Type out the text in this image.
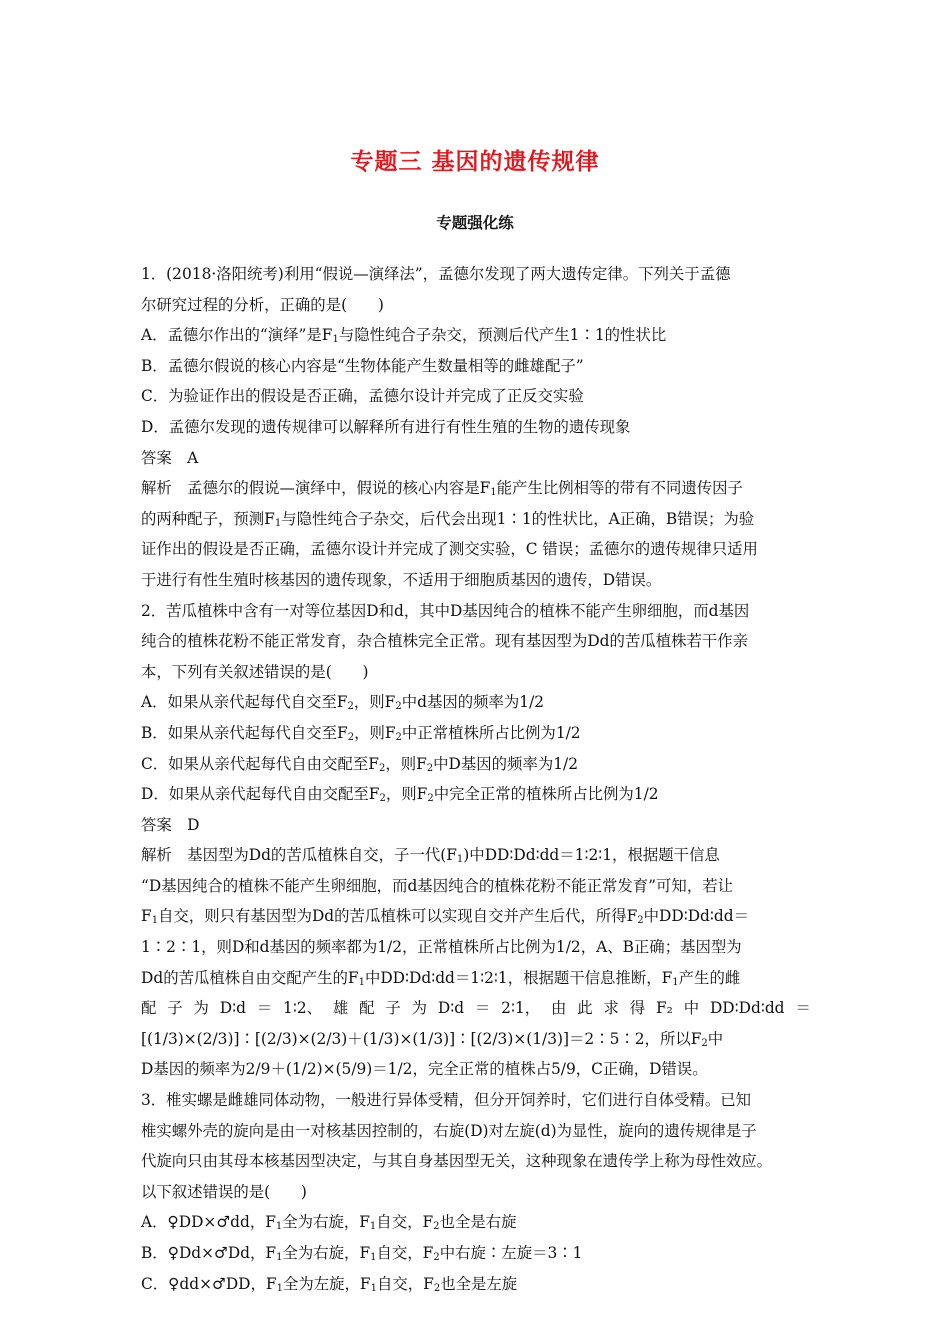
专题三 基因的遗传规律
专题强化练
1．(2018·洛阳统考)利用“假说—演绎法”，孟德尔发现了两大遗传定律。下列关于孟德
尔研究过程的分析，正确的是(　　)
A．孟德尔作出的“演绎”是$F_1$与隐性纯合子杂交，预测后代产生1∶1的性状比
B．孟德尔假说的核心内容是“生物体能产生数量相等的雌雄配子”
C．为验证作出的假设是否正确，孟德尔设计并完成了正反交实验
D．孟德尔发现的遗传规律可以解释所有进行有性生殖的生物的遗传现象
答案　A
解析　孟德尔的假说—演绎中，假说的核心内容是$F_1$能产生比例相等的带有不同遗传因子
的两种配子，预测$F_1$与隐性纯合子杂交，后代会出现1∶1的性状比，A正确，B错误；为验
证作出的假设是否正确，孟德尔设计并完成了测交实验，C 错误；孟德尔的遗传规律只适用
于进行有性生殖时核基因的遗传现象，不适用于细胞质基因的遗传，D错误。
2．苦瓜植株中含有一对等位基因D和d，其中D基因纯合的植株不能产生卵细胞，而d基因
纯合的植株花粉不能正常发育，杂合植株完全正常。现有基因型为Dd的苦瓜植株若干作亲
本，下列有关叙述错误的是(　　)
A．如果从亲代起每代自交至$F_2$，则$F_2$中d基因的频率为1/2
B．如果从亲代起每代自交至$F_2$，则$F_2$中正常植株所占比例为1/2
C．如果从亲代起每代自由交配至$F_2$，则$F_2$中D基因的频率为1/2
D．如果从亲代起每代自由交配至$F_2$，则$F_2$中完全正常的植株所占比例为1/2
答案　D
解析　基因型为Dd的苦瓜植株自交，子一代$(F_1)$中DD∶Dd∶dd＝1∶2∶1，根据题干信息
“D基因纯合的植株不能产生卵细胞，而d基因纯合的植株花粉不能正常发育”可知，若让
$F_1$自交，则只有基因型为Dd的苦瓜植株可以实现自交并产生后代，所得$F_2$中DD∶Dd∶dd＝
1∶2∶1，则D和d基因的频率都为1/2，正常植株所占比例为1/2，A、B正确；基因型为
Dd的苦瓜植株自由交配产生的$F_1$中DD∶Dd∶dd＝1∶2∶1，根据题干信息推断，$F_1$产生的雌
配 子 为 D∶d ＝ 1∶2、 雄 配 子 为 D∶d ＝ 2∶1， 由 此 求 得 F₂ 中 DD∶Dd∶dd ＝
[(1/3)×(2/3)]∶[(2/3)×(2/3)＋(1/3)×(1/3)]∶[(2/3)×(1/3)]＝2∶5∶2，所以$F_2$中
D基因的频率为2/9＋(1/2)×(5/9)＝1/2，完全正常的植株占5/9，C正确，D错误。
3．椎实螺是雌雄同体动物，一般进行异体受精，但分开饲养时，它们进行自体受精。已知
椎实螺外壳的旋向是由一对核基因控制的，右旋(D)对左旋(d)为显性，旋向的遗传规律是子
代旋向只由其母本核基因型决定，与其自身基因型无关，这种现象在遗传学上称为母性效应。
以下叙述错误的是(　　)
A．♀DD×♂dd，$F_1$全为右旋，$F_1$自交，$F_2$也全是右旋
B．♀Dd×♂Dd，$F_1$全为右旋，$F_1$自交，$F_2$中右旋∶左旋＝3∶1
C．♀dd×♂DD，$F_1$全为左旋，$F_1$自交，$F_2$也全是左旋
